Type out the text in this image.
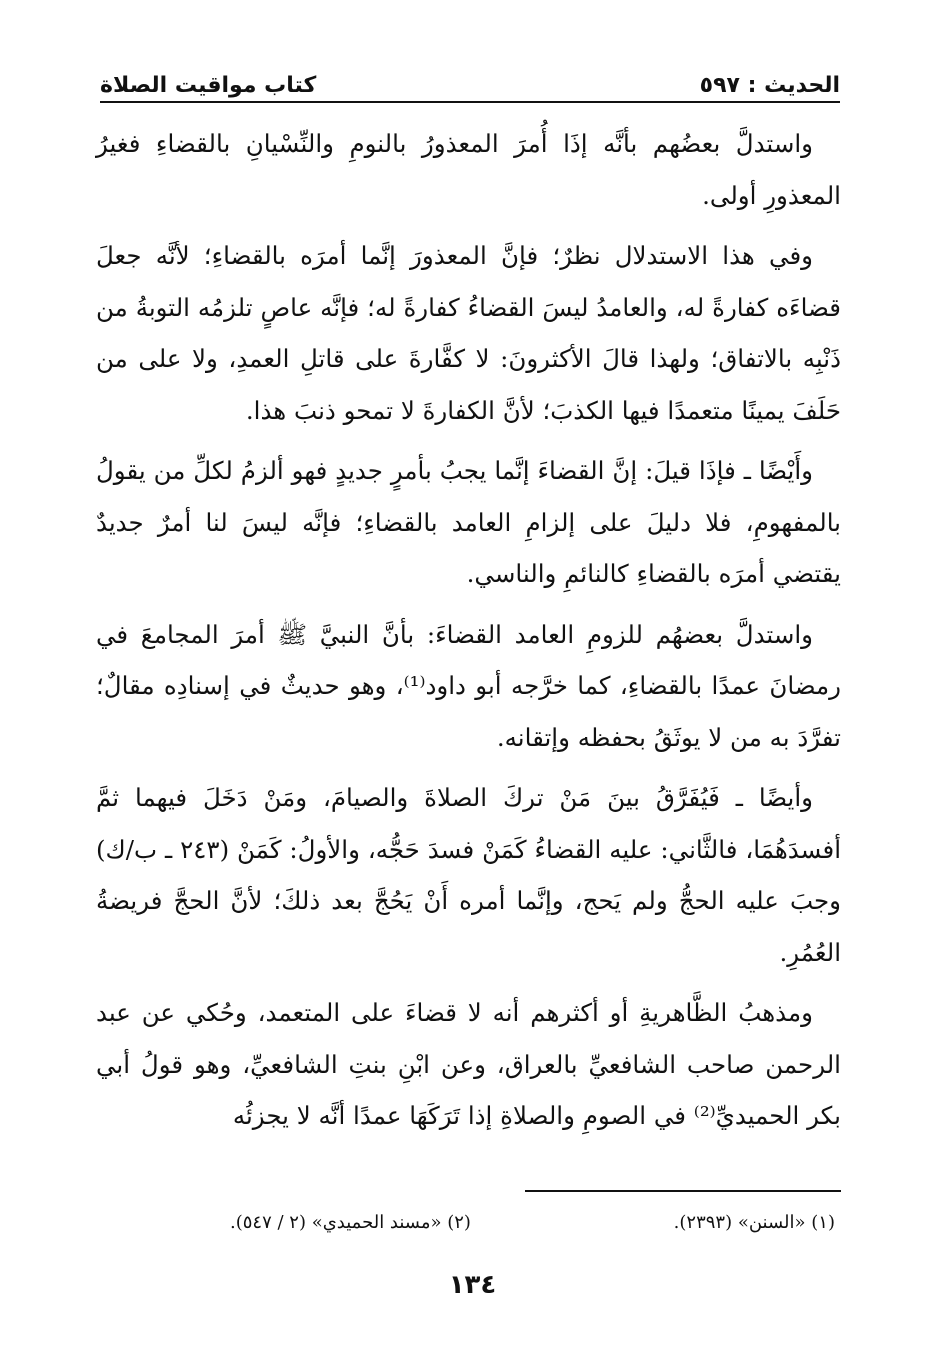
الحديث : ٥٩٧
كتاب مواقيت الصلاة

واستدلَّ بعضُهم بأنَّه إذَا أُمرَ المعذورُ بالنومِ والنِّسْيانِ بالقضاءِ فغيرُ المعذورِ أولى.

وفي هذا الاستدلال نظرٌ؛ فإنَّ المعذورَ إنَّما أمرَه بالقضاءِ؛ لأنَّه جعلَ قضاءَه كفارةً له، والعامدُ ليسَ القضاءُ كفارةً له؛ فإنَّه عاصٍ تلزمُه التوبةُ من ذَنْبِه بالاتفاق؛ ولهذا قالَ الأكثرونَ: لا كفَّارةَ على قاتلِ العمدِ، ولا على من حَلَفَ يمينًا متعمدًا فيها الكذبَ؛ لأنَّ الكفارةَ لا تمحو ذنبَ هذا.

وأَيْضًا ـ فإذَا قيلَ: إنَّ القضاءَ إنَّما يجبُ بأمرٍ جديدٍ فهو ألزمُ لكلِّ من يقولُ بالمفهومِ، فلا دليلَ على إلزامِ العامد بالقضاءِ؛ فإنَّه ليسَ لنا أمرٌ جديدٌ يقتضي أمرَه بالقضاءِ كالنائمِ والناسي.

واستدلَّ بعضهُم للزومِ العامد القضاءَ: بأنَّ النبيَّ ﷺ أمرَ المجامعَ في رمضانَ عمدًا بالقضاءِ، كما خرَّجه أبو داود⁽¹⁾، وهو حديثٌ في إسنادِه مقالٌ؛ تفرَّدَ به من لا يوثَقُ بحفظه وإتقانه.

وأيضًا ـ فَيُفَرَّقُ بينَ مَنْ تركَ الصلاةَ والصيامَ، ومَنْ دَخَلَ فيهما ثمَّ أفسدَهُمَا، فالثَّاني: عليه القضاءُ كَمَنْ فسدَ حَجُّه، والأولُ: كَمَنْ (٢٤٣ ـ ب/ك) وجبَ عليه الحجُّ ولم يَحج، وإنَّما أمره أَنْ يَحُجَّ بعد ذلكَ؛ لأنَّ الحجَّ فريضةُ العُمُرِ.

ومذهبُ الظَّاهريةِ أو أكثرهم أنه لا قضاءَ على المتعمد، وحُكي عن عبد الرحمن صاحب الشافعيِّ بالعراق، وعن ابْنِ بنتِ الشافعيِّ، وهو قولُ أبي بكر الحميديِّ⁽²⁾ في الصومِ والصلاةِ إذا تَرَكَهَا عمدًا أنَّه لا يجزئُه

(١) «السنن» (٢٣٩٣).
(٢) «مسند الحميدي» (٢ / ٥٤٧).
١٣٤
